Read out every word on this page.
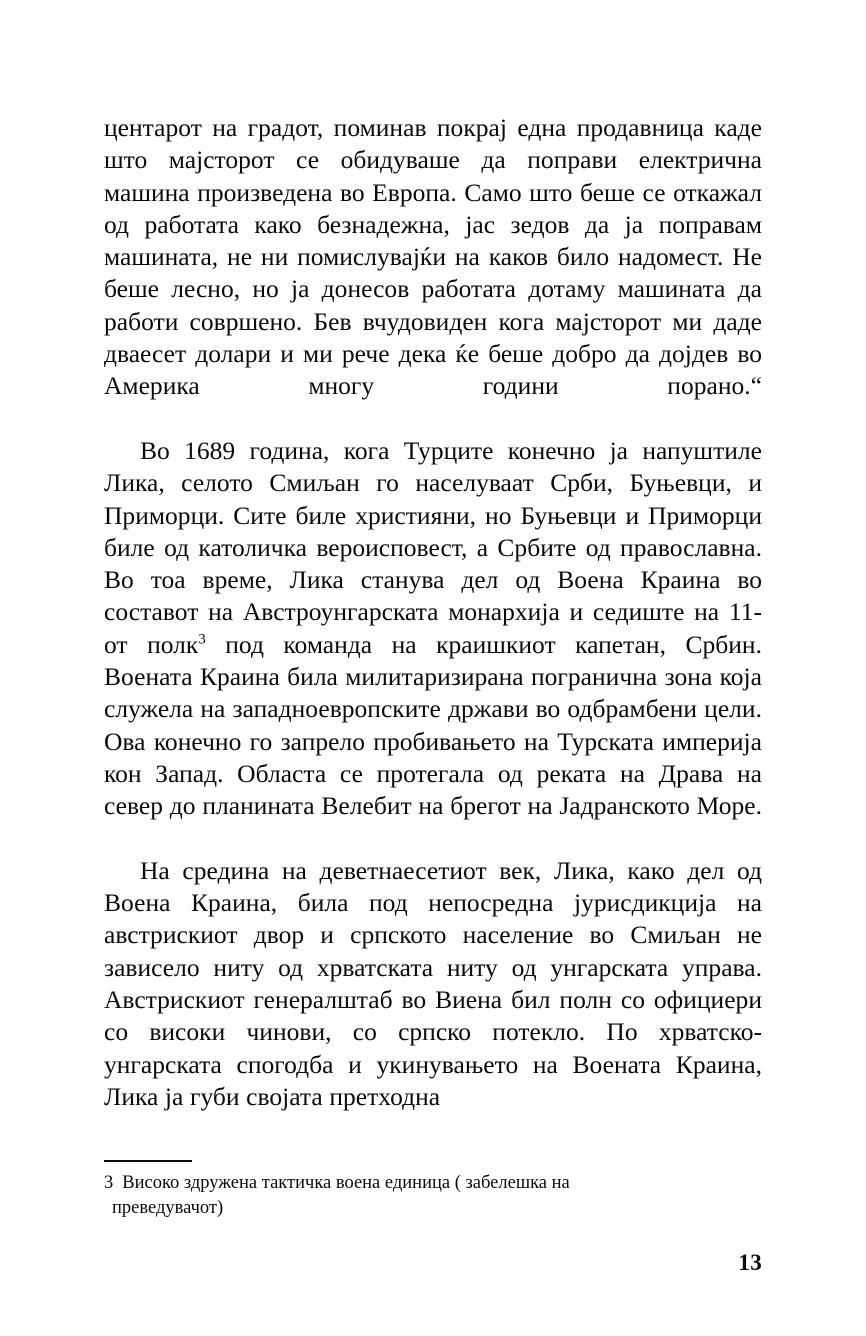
центарот на градот, поминав покрај една продавница каде што мајсторот се обидуваше да поправи електрична машина произведена во Европа. Само што беше се откажал од работата како безнадежна, јас зедов да ја поправам машината, не ни помислувајќи на каков било надомест. Не беше лесно, но ја донесов работата дотаму машината да работи совршено. Бев вчудовиден кога мајсторот ми даде дваесет долари и ми рече дека ќе беше добро да дојдев во Америка многу години порано.“

Во 1689 година, кога Турците конечно ја напуштиле Лика, селото Смиљан го населуваат Срби, Буњевци, и Приморци. Сите биле християни, но Буњевци и Приморци биле од католичка вероисповест, а Србите од православна. Во тоа време, Лика станува дел од Воена Краина во составот на Австроунгарската монархија и седиште на 11-от полк$^3$ под команда на краишкиот капетан, Србин. Воената Краина била милитаризирана погранична зона која служела на западноевропските држави во одбрамбени цели. Ова конечно го запрело пробивањето на Турската империја кон Запад. Областа се протегала од реката на Драва на север до планината Велебит на брегот на Јадранското Море.

На средина на деветнаесетиот век, Лика, како дел од Воена Краина, била под непосредна јурисдикција на австрискиот двор и српското население во Смиљан не зависело ниту од хрватската ниту од унгарската управа. Австрискиот генералштаб во Виена бил полн со официери со високи чинови, со српско потекло. По хрватско-унгарската спогодба и укинувањето на Воената Краина, Лика ја губи својата претходна

3 Високо здружена тактичка воена единица ( забелешка на
преведувачот)

13
